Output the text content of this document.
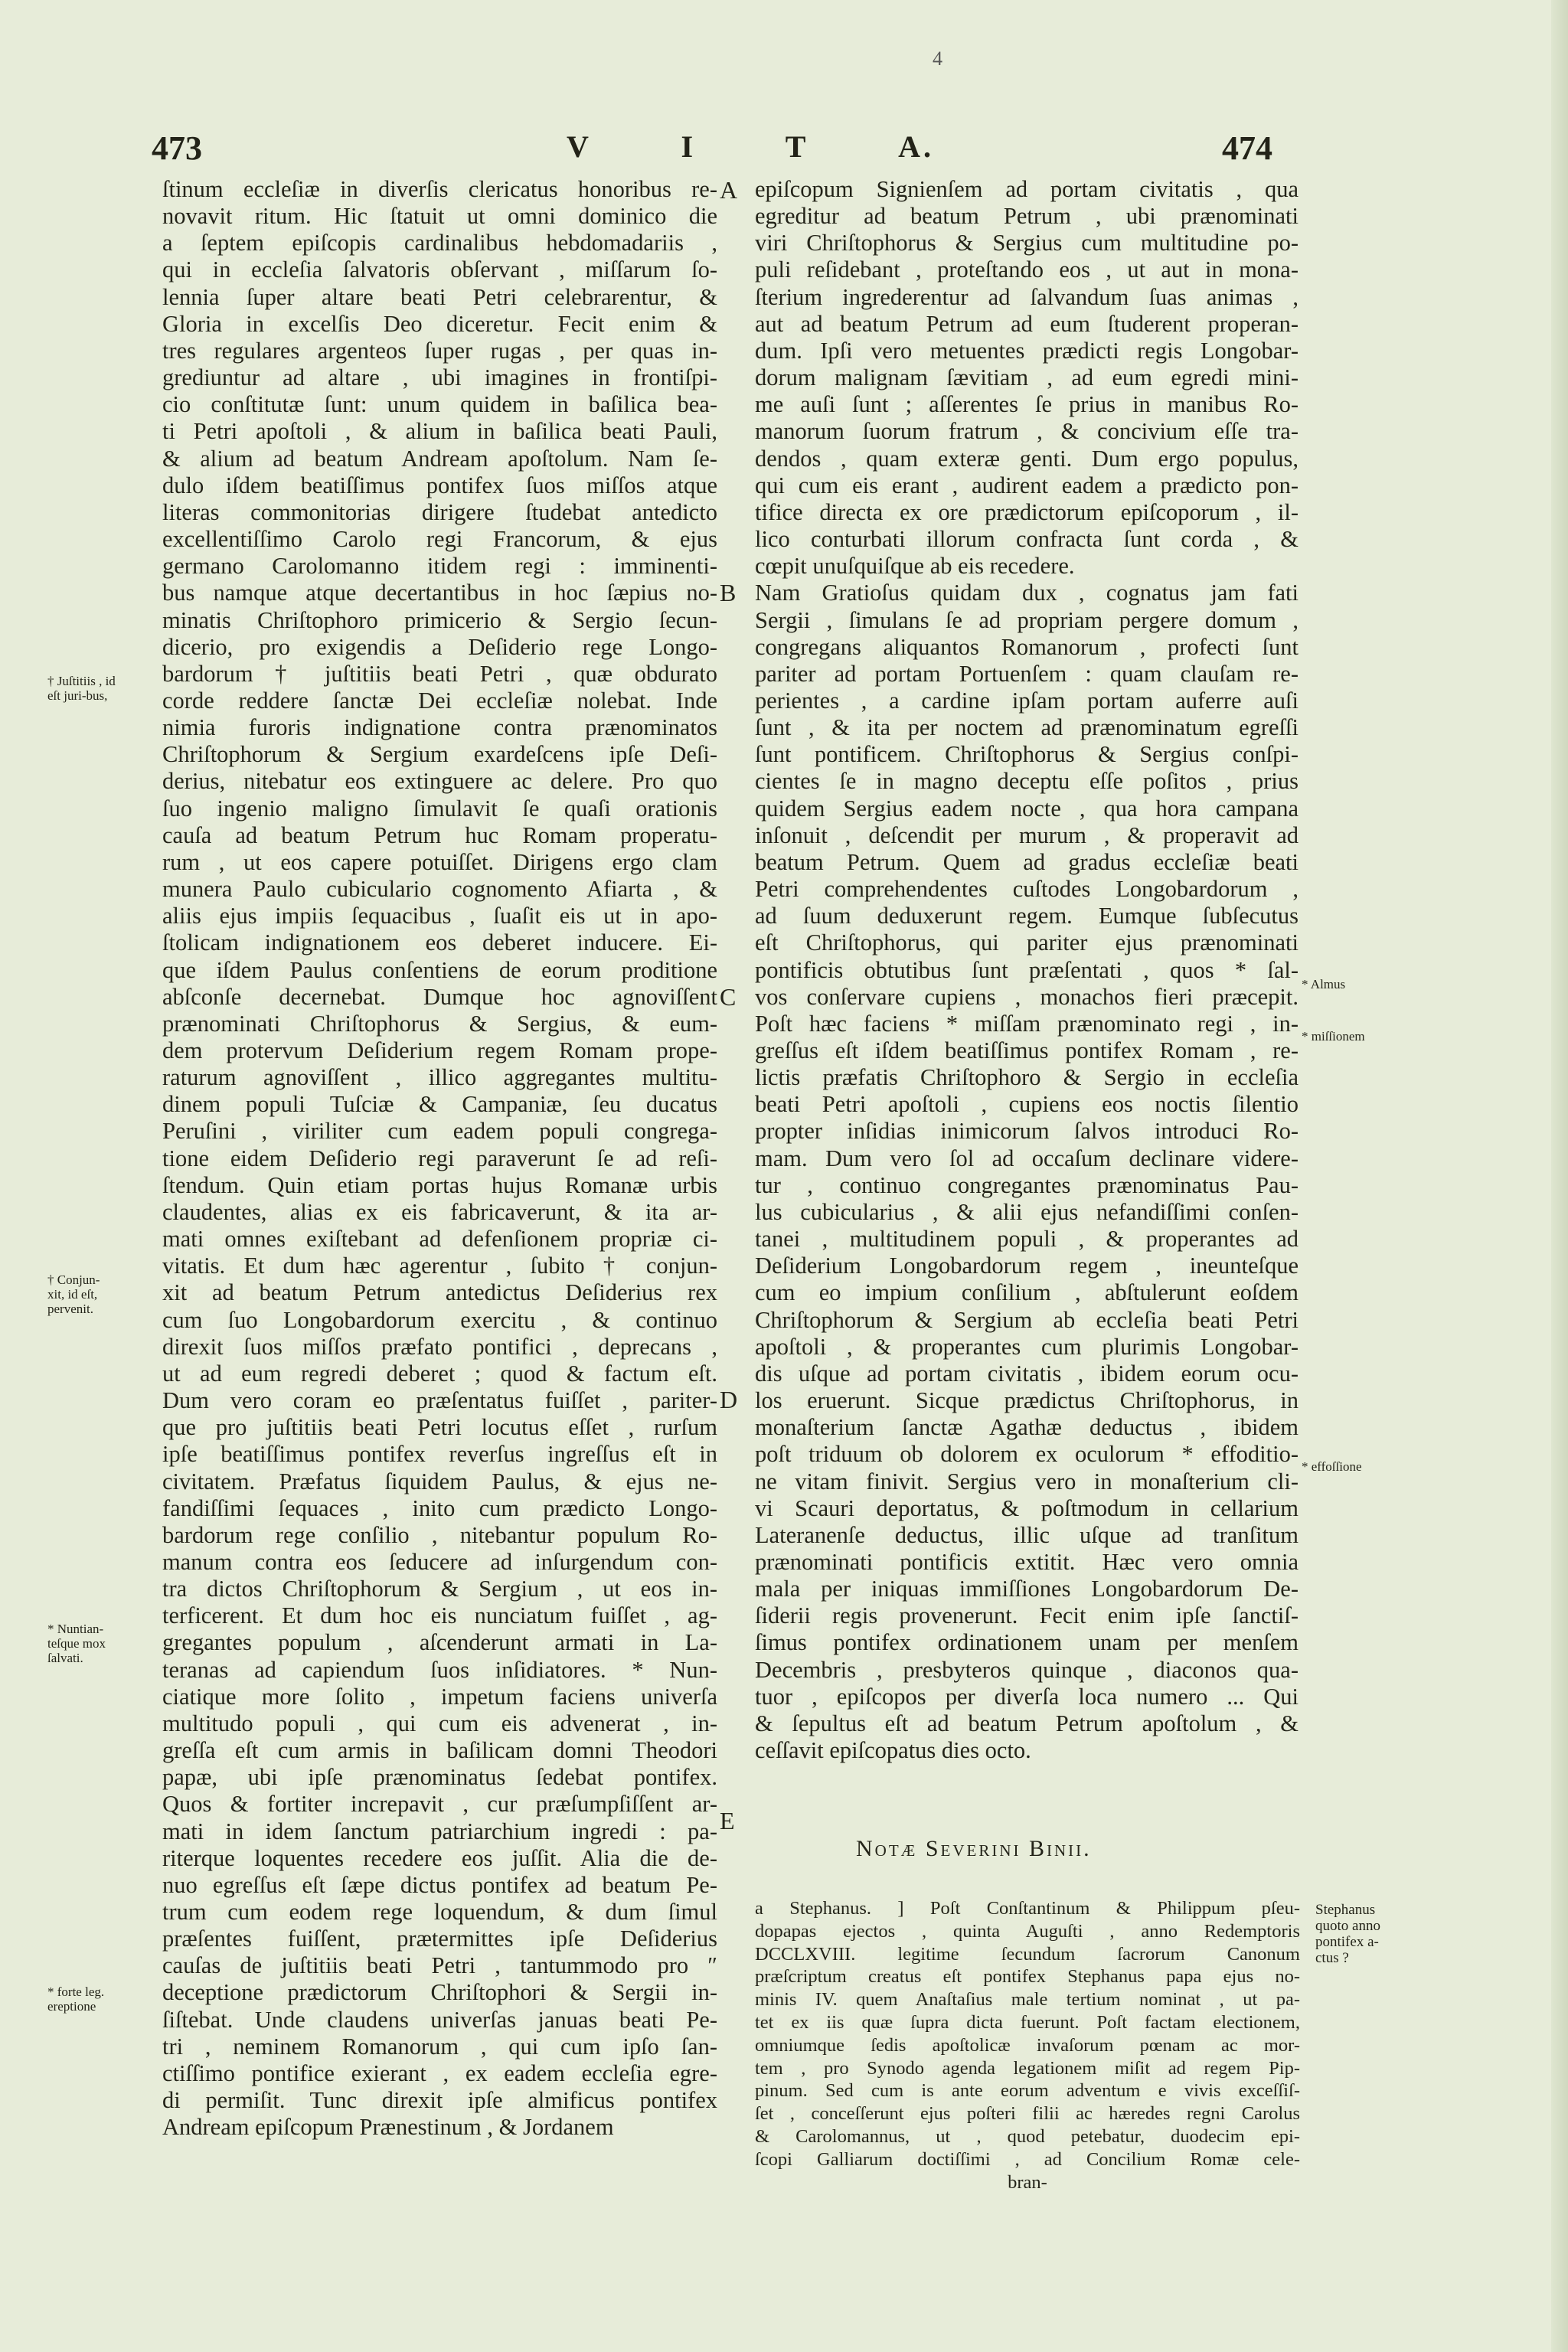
4
473	V	I	T	A.	474
A
B
C
D
E
ſtinum eccleſiæ in diverſis clericatus honoribus re-
novavit ritum. Hic ſtatuit ut omni dominico die
a ſeptem epiſcopis cardinalibus hebdomadariis ,
qui in eccleſia ſalvatoris obſervant , miſſarum ſo-
lennia ſuper altare beati Petri celebrarentur, &
Gloria in excelſis Deo diceretur. Fecit enim &
tres regulares argenteos ſuper rugas , per quas in-
grediuntur ad altare , ubi imagines in frontiſpi-
cio conſtitutæ ſunt: unum quidem in baſilica bea-
ti Petri apoſtoli , & alium in baſilica beati Pauli,
& alium ad beatum Andream apoſtolum. Nam ſe-
dulo iſdem beatiſſimus pontifex ſuos miſſos atque
literas commonitorias dirigere ſtudebat antedicto
excellentiſſimo Carolo regi Francorum, & ejus
germano Carolomanno itidem regi : imminenti-
bus namque atque decertantibus in hoc ſæpius no-
minatis Chriſtophoro primicerio & Sergio ſecun-
dicerio, pro exigendis a Deſiderio rege Longo-
bardorum † juſtitiis beati Petri , quæ obdurato
corde reddere ſanctæ Dei eccleſiæ nolebat. Inde
nimia furoris indignatione contra prænominatos
Chriſtophorum & Sergium exardeſcens ipſe Deſi-
derius, nitebatur eos extinguere ac delere. Pro quo
ſuo ingenio maligno ſimulavit ſe quaſi orationis
cauſa ad beatum Petrum huc Romam properatu-
rum , ut eos capere potuiſſet. Dirigens ergo clam
munera Paulo cubiculario cognomento Afiarta , &
aliis ejus impiis ſequacibus , ſuaſit eis ut in apo-
ſtolicam indignationem eos deberet inducere. Ei-
que iſdem Paulus conſentiens de eorum proditione
abſconſe decernebat. Dumque hoc agnoviſſent
prænominati Chriſtophorus & Sergius, & eum-
dem protervum Deſiderium regem Romam prope-
raturum agnoviſſent , illico aggregantes multitu-
dinem populi Tuſciæ & Campaniæ, ſeu ducatus
Peruſini , viriliter cum eadem populi congrega-
tione eidem Deſiderio regi paraverunt ſe ad reſi-
ſtendum. Quin etiam portas hujus Romanæ urbis
claudentes, alias ex eis fabricaverunt, & ita ar-
mati omnes exiſtebant ad defenſionem propriæ ci-
vitatis. Et dum hæc agerentur , ſubito † conjun-
xit ad beatum Petrum antedictus Deſiderius rex
cum ſuo Longobardorum exercitu , & continuo
direxit ſuos miſſos præfato pontifici , deprecans ,
ut ad eum regredi deberet ; quod & factum eſt.
Dum vero coram eo præſentatus fuiſſet , pariter-
que pro juſtitiis beati Petri locutus eſſet , rurſum
ipſe beatiſſimus pontifex reverſus ingreſſus eſt in
civitatem. Præfatus ſiquidem Paulus, & ejus ne-
fandiſſimi ſequaces , inito cum prædicto Longo-
bardorum rege conſilio , nitebantur populum Ro-
manum contra eos ſeducere ad inſurgendum con-
tra dictos Chriſtophorum & Sergium , ut eos in-
terficerent. Et dum hoc eis nunciatum fuiſſet , ag-
gregantes populum , aſcenderunt armati in La-
teranas ad capiendum ſuos inſidiatores. * Nun-
ciatique more ſolito , impetum faciens univerſa
multitudo populi , qui cum eis advenerat , in-
greſſa eſt cum armis in baſilicam domni Theodori
papæ, ubi ipſe prænominatus ſedebat pontifex.
Quos & fortiter increpavit , cur præſumpſiſſent ar-
mati in idem ſanctum patriarchium ingredi : pa-
riterque loquentes recedere eos juſſit. Alia die de-
nuo egreſſus eſt ſæpe dictus pontifex ad beatum Pe-
trum cum eodem rege loquendum, & dum ſimul
præſentes fuiſſent, prætermittes ipſe Deſiderius
cauſas de juſtitiis beati Petri , tantummodo pro ″
deceptione prædictorum Chriſtophori & Sergii in-
ſiſtebat. Unde claudens univerſas januas beati Pe-
tri , neminem Romanorum , qui cum ipſo ſan-
ctiſſimo pontifice exierant , ex eadem eccleſia egre-
di permiſit. Tunc direxit ipſe almificus pontifex
Andream epiſcopum Prænestinum , & Jordanem
epiſcopum Signienſem ad portam civitatis , qua
egreditur ad beatum Petrum , ubi prænominati
viri Chriſtophorus & Sergius cum multitudine po-
puli reſidebant , proteſtando eos , ut aut in mona-
ſterium ingrederentur ad ſalvandum ſuas animas ,
aut ad beatum Petrum ad eum ſtuderent properan-
dum. Ipſi vero metuentes prædicti regis Longobar-
dorum malignam ſævitiam , ad eum egredi mini-
me auſi ſunt ; aſſerentes ſe prius in manibus Ro-
manorum ſuorum fratrum , & concivium eſſe tra-
dendos , quam exteræ genti. Dum ergo populus,
qui cum eis erant , audirent eadem a prædicto pon-
tifice directa ex ore prædictorum epiſcoporum , il-
lico conturbati illorum confracta ſunt corda , &
cœpit unuſquiſque ab eis recedere.
Nam Gratioſus quidam dux , cognatus jam fati
Sergii , ſimulans ſe ad propriam pergere domum ,
congregans aliquantos Romanorum , profecti ſunt
pariter ad portam Portuenſem : quam clauſam re-
perientes , a cardine ipſam portam auferre auſi
ſunt , & ita per noctem ad prænominatum egreſſi
ſunt pontificem. Chriſtophorus & Sergius conſpi-
cientes ſe in magno deceptu eſſe poſitos , prius
quidem Sergius eadem nocte , qua hora campana
inſonuit , deſcendit per murum , & properavit ad
beatum Petrum. Quem ad gradus eccleſiæ beati
Petri comprehendentes cuſtodes Longobardorum ,
ad ſuum deduxerunt regem. Eumque ſubſecutus
eſt Chriſtophorus, qui pariter ejus prænominati
pontificis obtutibus ſunt præſentati , quos * ſal-
vos conſervare cupiens , monachos fieri præcepit.
Poſt hæc faciens * miſſam prænominato regi , in-
greſſus eſt iſdem beatiſſimus pontifex Romam , re-
lictis præfatis Chriſtophoro & Sergio in eccleſia
beati Petri apoſtoli , cupiens eos noctis ſilentio
propter inſidias inimicorum ſalvos introduci Ro-
mam. Dum vero ſol ad occaſum declinare videre-
tur , continuo congregantes prænominatus Pau-
lus cubicularius , & alii ejus nefandiſſimi conſen-
tanei , multitudinem populi , & properantes ad
Deſiderium Longobardorum regem , ineunteſque
cum eo impium conſilium , abſtulerunt eoſdem
Chriſtophorum & Sergium ab eccleſia beati Petri
apoſtoli , & properantes cum plurimis Longobar-
dis uſque ad portam civitatis , ibidem eorum ocu-
los eruerunt. Sicque prædictus Chriſtophorus, in
monaſterium ſanctæ Agathæ deductus , ibidem
poſt triduum ob dolorem ex oculorum * effoditio-
ne vitam finivit. Sergius vero in monaſterium cli-
vi Scauri deportatus, & poſtmodum in cellarium
Lateranenſe deductus, illic uſque ad tranſitum
prænominati pontificis extitit. Hæc vero omnia
mala per iniquas immiſſiones Longobardorum De-
ſiderii regis provenerunt. Fecit enim ipſe ſanctiſ-
ſimus pontifex ordinationem unam per menſem
Decembris , presbyteros quinque , diaconos qua-
tuor , epiſcopos per diverſa loca numero ... Qui
& ſepultus eſt ad beatum Petrum apoſtolum , &
ceſſavit epiſcopatus dies octo.
† Juſtitiis , id eſt juri-bus,
† Conjun-xit, id eſt, pervenit.
* Nuntian-teſque mox ſalvati.
* forte leg. ereptione
* Almus
* miſſionem
* effoſſione
Notæ Severini Binii.
a Stephanus. ] Poſt Conſtantinum & Philippum pſeu-
dopapas ejectos , quinta Auguſti , anno Redemptoris
DCCLXVIII. legitime ſecundum ſacrorum Canonum
præſcriptum creatus eſt pontifex Stephanus papa ejus no-
minis IV. quem Anaſtaſius male tertium nominat , ut pa-
tet ex iis quæ ſupra dicta fuerunt. Poſt factam electionem,
omniumque ſedis apoſtolicæ invaſorum pœnam ac mor-
tem , pro Synodo agenda legationem miſit ad regem Pip-
pinum. Sed cum is ante eorum adventum e vivis exceſſiſ-
ſet , conceſſerunt ejus poſteri filii ac hæredes regni Carolus
& Carolomannus, ut , quod petebatur, duodecim epi-
ſcopi Galliarum doctiſſimi , ad Concilium Romæ cele-
bran-
Stephanus
quoto anno
pontifex a-
ctus ?
